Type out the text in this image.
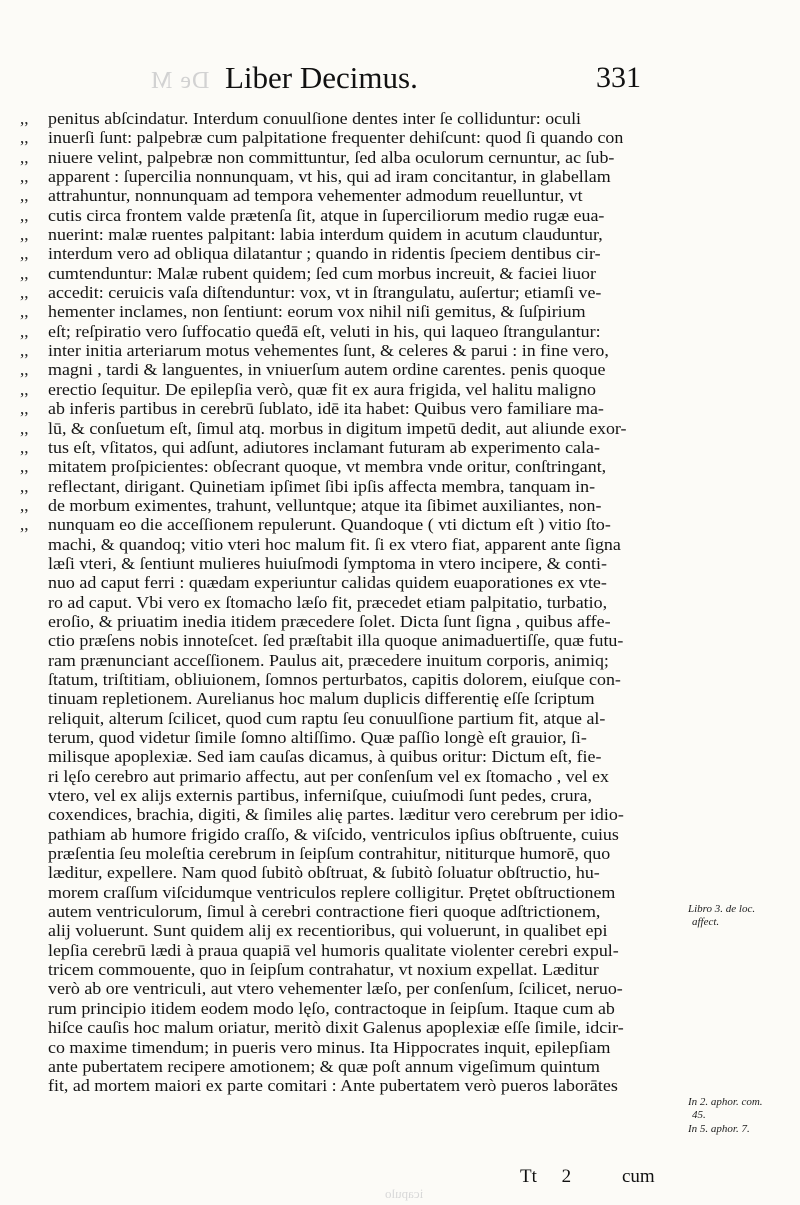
De M Liber Decimus.	331
,,	penitus abſcindatur. Interdum conuulſione dentes inter ſe colliduntur: oculi
,,	inuerſi ſunt: palpebræ cum palpitatione frequenter dehiſcunt: quod ſi quando con
,,	niuere velint, palpebræ non committuntur, ſed alba oculorum cernuntur, ac ſub-
,,	apparent : ſupercilia nonnunquam, vt his, qui ad iram concitantur, in glabellam
,,	attrahuntur, nonnunquam ad tempora vehementer admodum reuelluntur, vt
,,	cutis circa frontem valde prætenſa ſit, atque in ſuperciliorum medio rugæ eua-
,,	nuerint: malæ ruentes palpitant: labia interdum quidem in acutum clauduntur,
,,	interdum vero ad obliqua dilatantur ; quando in ridentis ſpeciem dentibus cir-
,,	cumtenduntur: Malæ rubent quidem; ſed cum morbus increuit, & faciei liuor
,,	accedit: ceruicis vaſa diſtenduntur: vox, vt in ſtrangulatu, auſertur; etiamſi ve-
,,	hementer inclames, non ſentiunt: eorum vox nihil niſi gemitus, & ſuſpirium
,,	eſt; reſpiratio vero ſuffocatio queḋā eſt, veluti in his, qui laqueo ſtrangulantur:
,,	inter initia arteriarum motus vehementes ſunt, & celeres & parui : in fine vero,
,,	magni , tardi & languentes, in vniuerſum autem ordine carentes. penis quoque
,,	erectio ſequitur. De epilepſia verò, quæ fit ex aura frigida, vel halitu maligno
,,	ab inferis partibus in cerebrū ſublato, idē ita habet: Quibus vero familiare ma-
,,	lū, & conſuetum eſt, ſimul atq. morbus in digitum impetū dedit, aut aliunde exor-
,,	tus eſt, vſitatos, qui adſunt, adiutores inclamant futuram ab experimento cala-
,,	mitatem proſpicientes: obſecrant quoque, vt membra vnde oritur, conſtringant,
,,	reflectant, dirigant. Quinetiam ipſimet ſibi ipſis affecta membra, tanquam in-
,,	de morbum eximentes, trahunt, velluntque; atque ita ſibimet auxiliantes, non-
,,	nunquam eo die acceſſionem repulerunt. Quandoque ( vti dictum eſt ) vitio ſto-
machi, & quandoq; vitio vteri hoc malum fit. ſi ex vtero fiat, apparent ante ſigna
læſi vteri, & ſentiunt mulieres huiuſmodi ſymptoma in vtero incipere, & conti-
nuo ad caput ferri : quædam experiuntur calidas quidem euaporationes ex vte-
ro ad caput. Vbi vero ex ſtomacho læſo fit, præcedet etiam palpitatio, turbatio,
eroſio, & priuatim inedia itidem præcedere ſolet. Dicta ſunt ſigna , quibus affe-
ctio præſens nobis innoteſcet. ſed præſtabit illa quoque animaduertiſſe, quæ futu-
ram prænunciant acceſſionem. Paulus ait, præcedere inuitum corporis, animiq;
ſtatum, triſtitiam, obliuionem, ſomnos perturbatos, capitis dolorem, eiuſque con-
tinuam repletionem. Aurelianus hoc malum duplicis differentię eſſe ſcriptum
reliquit, alterum ſcilicet, quod cum raptu ſeu conuulſione partium fit, atque al-
terum, quod videtur ſimile ſomno altiſſimo. Quæ paſſio longè eſt grauior, ſi-
milisque apoplexiæ. Sed iam cauſas dicamus, à quibus oritur: Dictum eſt, fie-
ri lęſo cerebro aut primario affectu, aut per conſenſum vel ex ſtomacho , vel ex
vtero, vel ex alijs externis partibus, inferniſque, cuiuſmodi ſunt pedes, crura,
coxendices, brachia, digiti, & ſimiles alię partes. læditur vero cerebrum per idio-
pathiam ab humore frigido craſſo, & viſcido, ventriculos ipſius obſtruente, cuius
præſentia ſeu moleſtia cerebrum in ſeipſum contrahitur, nititurque humorē, quo
læditur, expellere. Nam quod ſubitò obſtruat, & ſubitò ſoluatur obſtructio, hu-
morem craſſum viſcidumque ventriculos replere colligitur. Prętet obſtructionem
autem ventriculorum, ſimul à cerebri contractione fieri quoque adſtrictionem,
alij voluerunt. Sunt quidem alij ex recentioribus, qui voluerunt, in qualibet epi
lepſia cerebrū lædi à praua quapiā vel humoris qualitate violenter cerebri expul-
tricem commouente, quo in ſeipſum contrahatur, vt noxium expellat. Læditur
verò ab ore ventriculi, aut vtero vehementer læſo, per conſenſum, ſcilicet, neruo-
rum principio itidem eodem modo lęſo, contractoque in ſeipſum. Itaque cum ab
hiſce cauſis hoc malum oriatur, meritò dixit Galenus apoplexiæ eſſe ſimile, idcir-
co maxime timendum; in pueris vero minus. Ita Hippocrates inquit, epilepſiam
ante pubertatem recipere amotionem; & quæ poſt annum vigeſimum quintum
fit, ad mortem maiori ex parte comitari : Ante pubertatem verò pueros laborātes
Libro 3. de loc.
affect.
In 2. aphor. com.
45.
In 5. aphor. 7.
Tt 2	cum
icapulo
